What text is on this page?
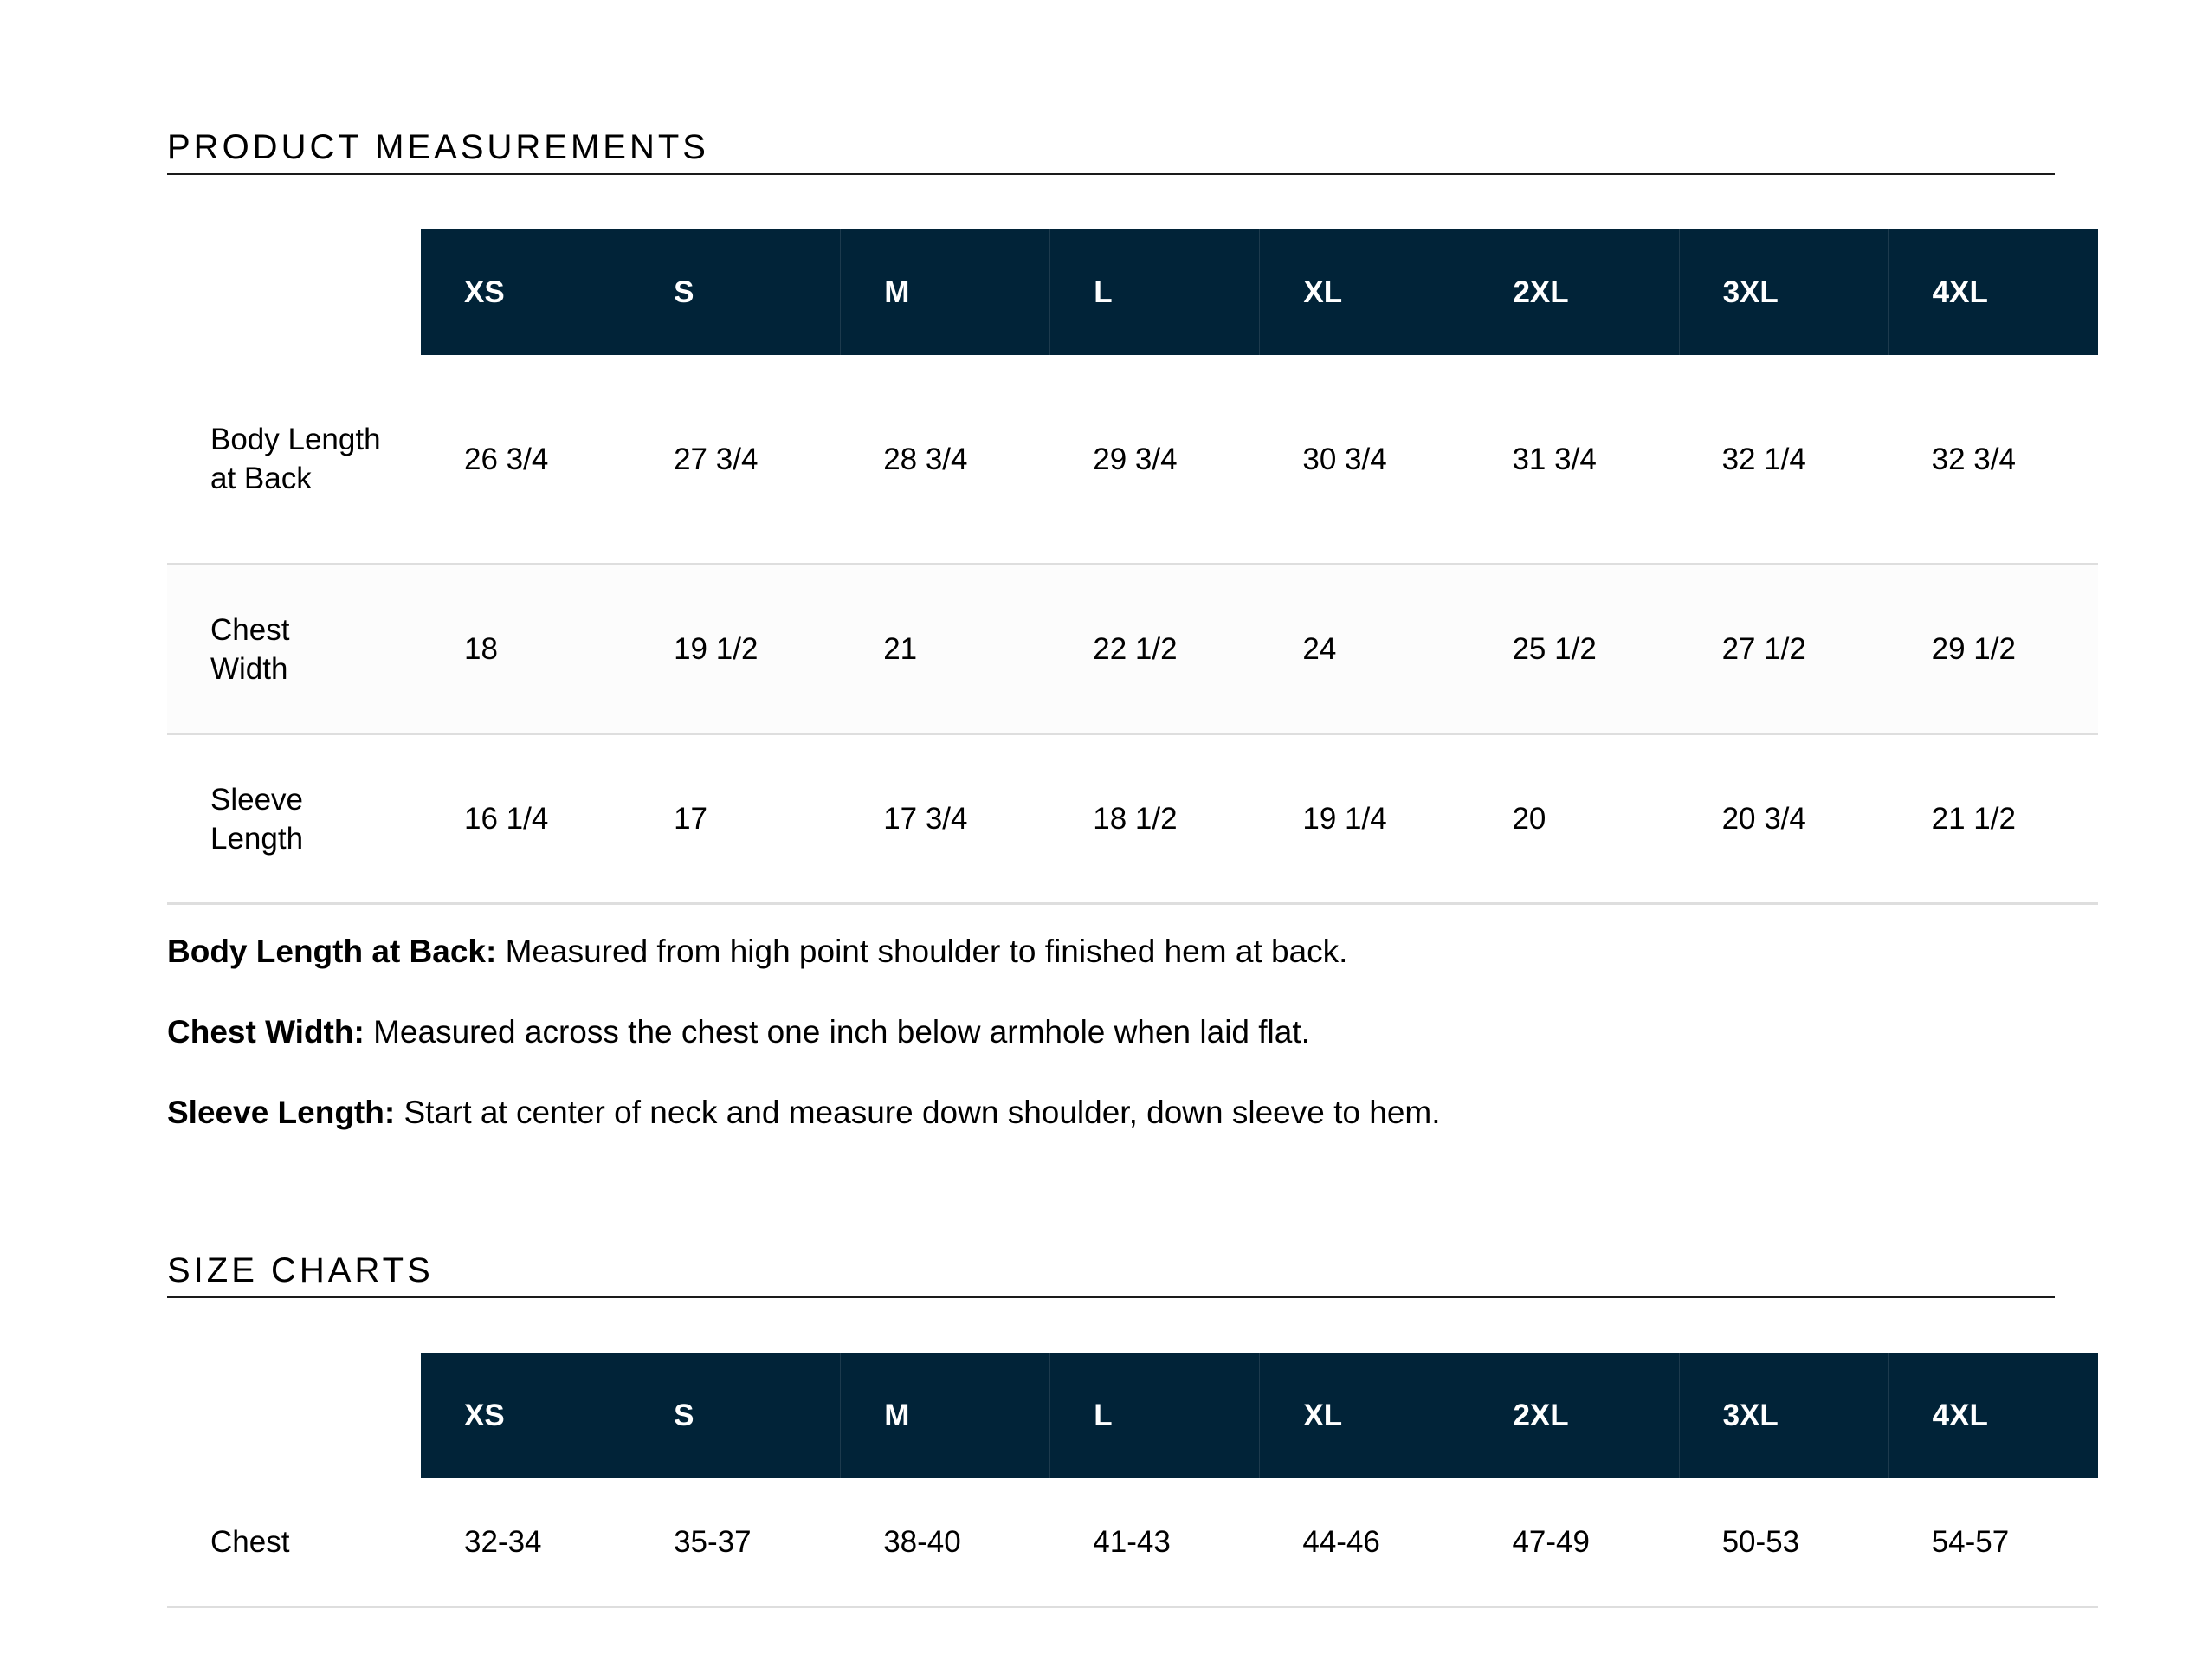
PRODUCT MEASUREMENTS
XS	S	M	L	XL	2XL	3XL	4XL
Body Length at Back
26 3/4	27 3/4	28 3/4	29 3/4	30 3/4	31 3/4	32 1/4	32 3/4
Chest Width
18	19 1/2	21	22 1/2	24	25 1/2	27 1/2	29 1/2
Sleeve Length
16 1/4	17	17 3/4	18 1/2	19 1/4	20	20 3/4	21 1/2
Body Length at Back: Measured from high point shoulder to finished hem at back.
Chest Width: Measured across the chest one inch below armhole when laid flat.
Sleeve Length: Start at center of neck and measure down shoulder, down sleeve to hem.
SIZE CHARTS
XS	S	M	L	XL	2XL	3XL	4XL
Chest	32-34	35-37	38-40	41-43	44-46	47-49	50-53	54-57
